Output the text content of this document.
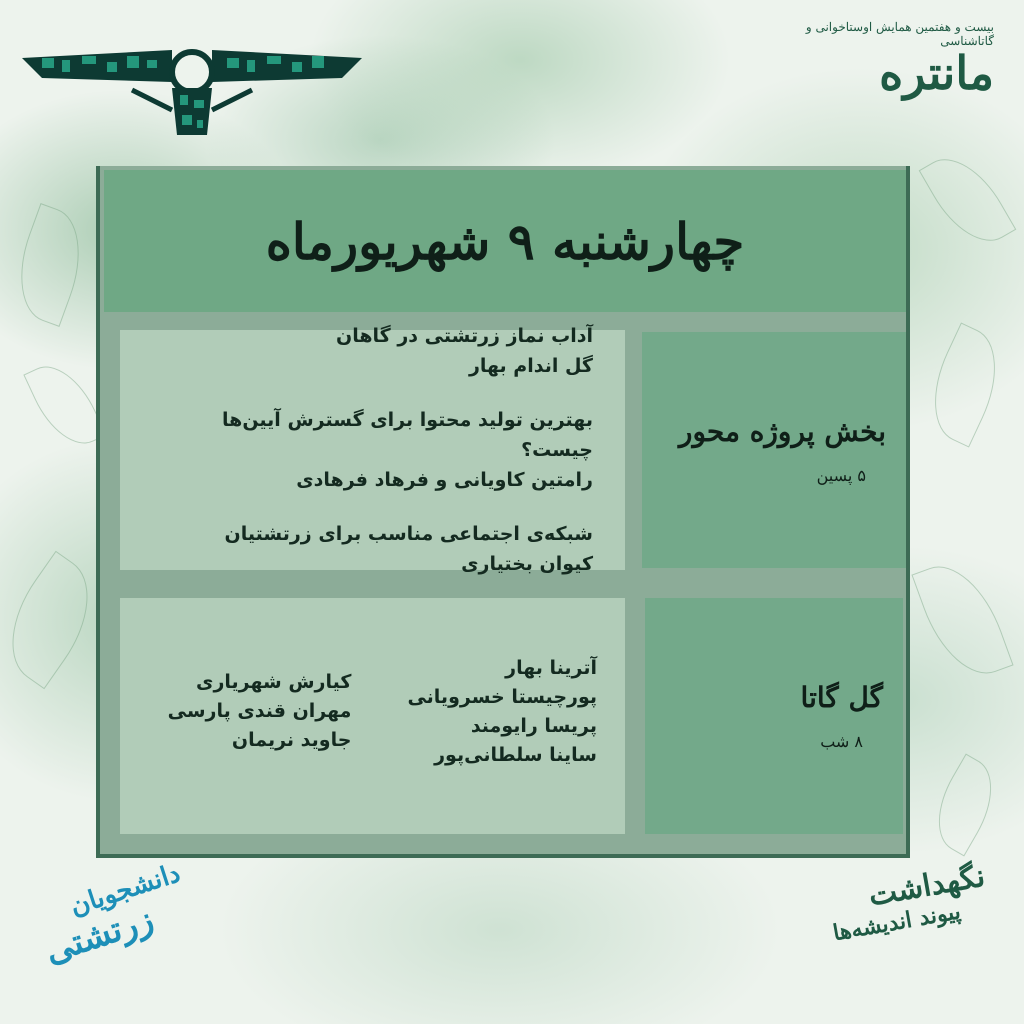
بیست و هفتمین همایش اوستاخوانی و گاتاشناسی
مانتره
چهارشنبه ۹ شهریورماه
آداب نماز زرتشتی در گاهان
گل اندام بهار
بهترین تولید محتوا برای گسترش آیین‌ها چیست؟
رامتین کاویانی و فرهاد فرهادی
شبکه‌ی اجتماعی مناسب برای زرتشتیان
کیوان بختیاری
بخش پروژه محور
۵ پسین
آترینا بهار
پورچیستا خسرویانی
پریسا رایومند
ساینا سلطانی‌پور
کیارش شهریاری
مهران قندی پارسی
جاوید نریمان
گل گاتا
۸ شب
دانشجویان
زرتشتی
نگهداشت
پیوند اندیشه‌ها
